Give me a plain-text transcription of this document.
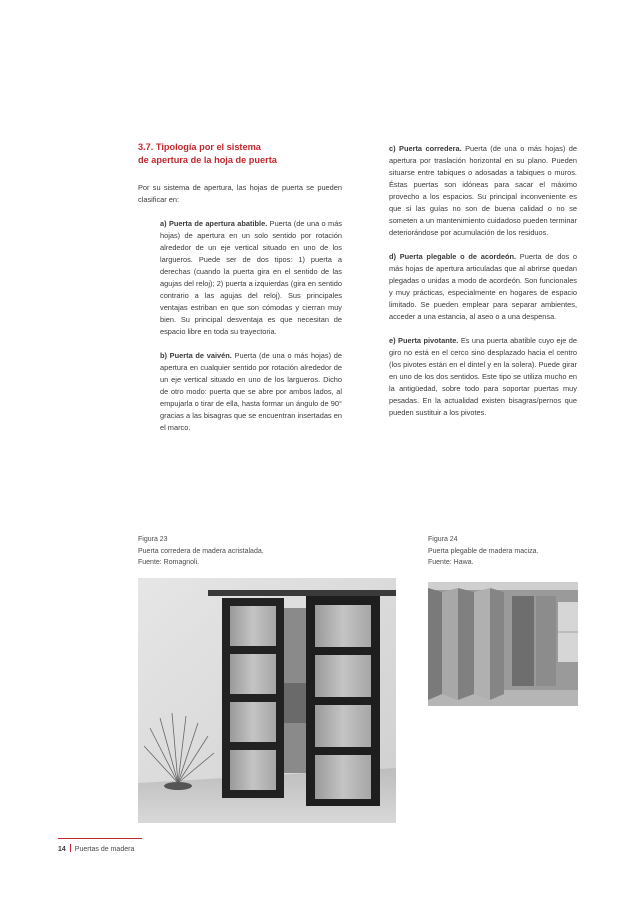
3.7. Tipología por el sistema
de apertura de la hoja de puerta

Por su sistema de apertura, las hojas de puerta se pueden clasificar en:

a) Puerta de apertura abatible. Puerta (de una o más hojas) de apertura en un solo sentido por rotación alrededor de un eje vertical situado en uno de los largueros. Puede ser de dos tipos: 1) puerta a derechas (cuando la puerta gira en el sentido de las agujas del reloj); 2) puerta a izquierdas (gira en sentido contrario a las agujas del reloj). Sus principales ventajas estriban en que son cómodas y cierran muy bien. Su principal desventaja es que necesitan de espacio libre en toda su trayectoria.

b) Puerta de vaivén. Puerta (de una o más hojas) de apertura en cualquier sentido por rotación alrededor de un eje vertical situado en uno de los largueros. Dicho de otro modo: puerta que se abre por ambos lados, al empujarla o tirar de ella, hasta formar un ángulo de 90° gracias a las bisagras que se encuentran insertadas en el marco.

c) Puerta corredera. Puerta (de una o más hojas) de apertura por traslación horizontal en su plano. Pueden situarse entre tabiques o adosadas a tabiques o muros. Éstas puertas son idóneas para sacar el máximo provecho a los espacios. Su principal inconveniente es que si las guías no son de buena calidad o no se someten a un mantenimiento cuidadoso pueden terminar deteriorándose por acumulación de los residuos.

d) Puerta plegable o de acordeón. Puerta de dos o más hojas de apertura articuladas que al abrirse quedan plegadas o unidas a modo de acordeón. Son funcionales y muy prácticas, especialmente en hogares de espacio limitado. Se pueden emplear para separar ambientes, acceder a una estancia, al aseo o a una despensa.

e) Puerta pivotante. Es una puerta abatible cuyo eje de giro no está en el cerco sino desplazado hacia el centro (los pivotes están en el dintel y en la solera). Puede girar en uno de los dos sentidos. Este tipo se utiliza mucho en la antigüedad, sobre todo para soportar puertas muy pesadas. En la actualidad existen bisagras/pernos que pueden sustituir a los pivotes.

Figura 23
Puerta corredera de madera acristalada.
Fuente: Romagnoli.
Figura 24
Puerta plegable de madera maciza.
Fuente: Hawa.
14 Puertas de madera
